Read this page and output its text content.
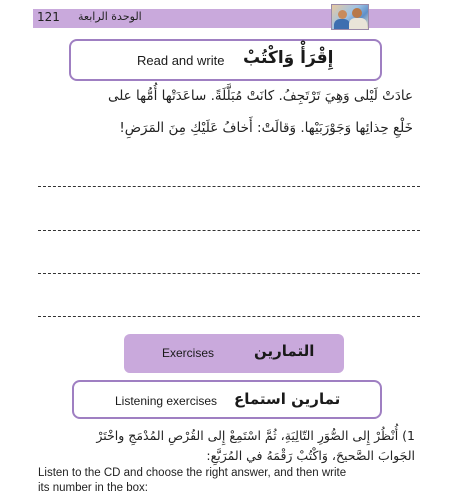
121 الوحدة الرابعة
Read and write إِقْرَأْ وَاكْتُبْ
عادَتْ لَيْلى وَهِيَ تَرْتَجِفُ. كانَتْ مُبَلَّلَةً. ساعَدَتْها أُمُّها على
خَلْعِ حِذائِها وَجَوْرَبَيْها. وَقالَتْ: أَخافُ عَلَيْكِ مِنَ المَرَضِ!
Exercises	التمارين
Listening exercises تمارين استماع
1) أُنْظُرْ إِلى الصُّوَرِ التّالِيَةِ، ثُمَّ اسْتَمِعْ إِلى القُرْصِ المُدْمَجِ واخْتَرْ
الجَوابَ الصَّحيحَ، وَاكْتُبْ رَقْمَهُ في المُرَبَّعِ:
Listen to the CD and choose the right answer, and then write
its number in the box:
